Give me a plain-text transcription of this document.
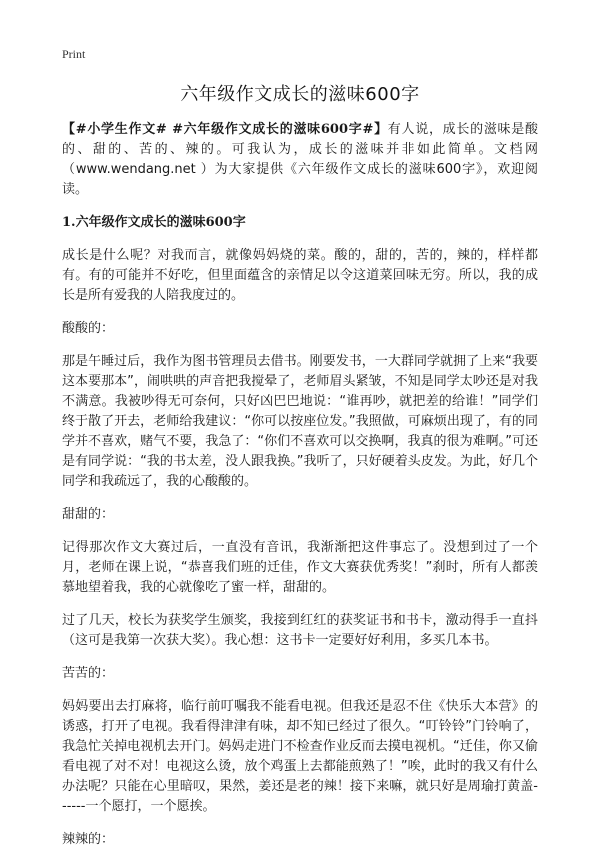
Print
六年级作文成长的滋味600字

【#小学生作文# #六年级作文成长的滋味600字#】有人说，成长的滋味是酸的、甜的、苦的、辣的。可我认为，成长的滋味并非如此简单。文档网（www.wendang.net ）为大家提供《六年级作文成长的滋味600字》，欢迎阅读。

1.六年级作文成长的滋味600字

成长是什么呢？对我而言，就像妈妈烧的菜。酸的，甜的，苦的，辣的，样样都有。有的可能并不好吃，但里面蕴含的亲情足以令这道菜回味无穷。所以，我的成长是所有爱我的人陪我度过的。

酸酸的：

那是午睡过后，我作为图书管理员去借书。刚要发书，一大群同学就拥了上来“我要这本要那本”，闹哄哄的声音把我搅晕了，老师眉头紧皱，不知是同学太吵还是对我不满意。我被吵得无可奈何，只好凶巴巴地说：“谁再吵，就把差的给谁！”同学们终于散了开去，老师给我建议：“你可以按座位发。”我照做，可麻烦出现了，有的同学并不喜欢，赌气不要，我急了：“你们不喜欢可以交换啊，我真的很为难啊。”可还是有同学说：“我的书太差，没人跟我换。”我听了，只好硬着头皮发。为此，好几个同学和我疏远了，我的心酸酸的。

甜甜的：

记得那次作文大赛过后，一直没有音讯，我渐渐把这件事忘了。没想到过了一个月，老师在课上说，“恭喜我们班的迁佳，作文大赛获优秀奖！”刹时，所有人都羡慕地望着我，我的心就像吃了蜜一样，甜甜的。

过了几天，校长为获奖学生颁奖，我接到红红的获奖证书和书卡，激动得手一直抖（这可是我第一次获大奖）。我心想：这书卡一定要好好利用，多买几本书。

苦苦的：

妈妈要出去打麻将，临行前叮嘱我不能看电视。但我还是忍不住《快乐大本营》的诱惑，打开了电视。我看得津津有味，却不知已经过了很久。“叮铃铃”门铃响了，我急忙关掉电视机去开门。妈妈走进门不检查作业反而去摸电视机。“迁佳，你又偷看电视了对不对！电视这么烫，放个鸡蛋上去都能煎熟了！”唉，此时的我又有什么办法呢？只能在心里暗叹，果然，姜还是老的辣！接下来嘛，就只好是周瑜打黄盖------一个愿打，一个愿挨。

辣辣的：
